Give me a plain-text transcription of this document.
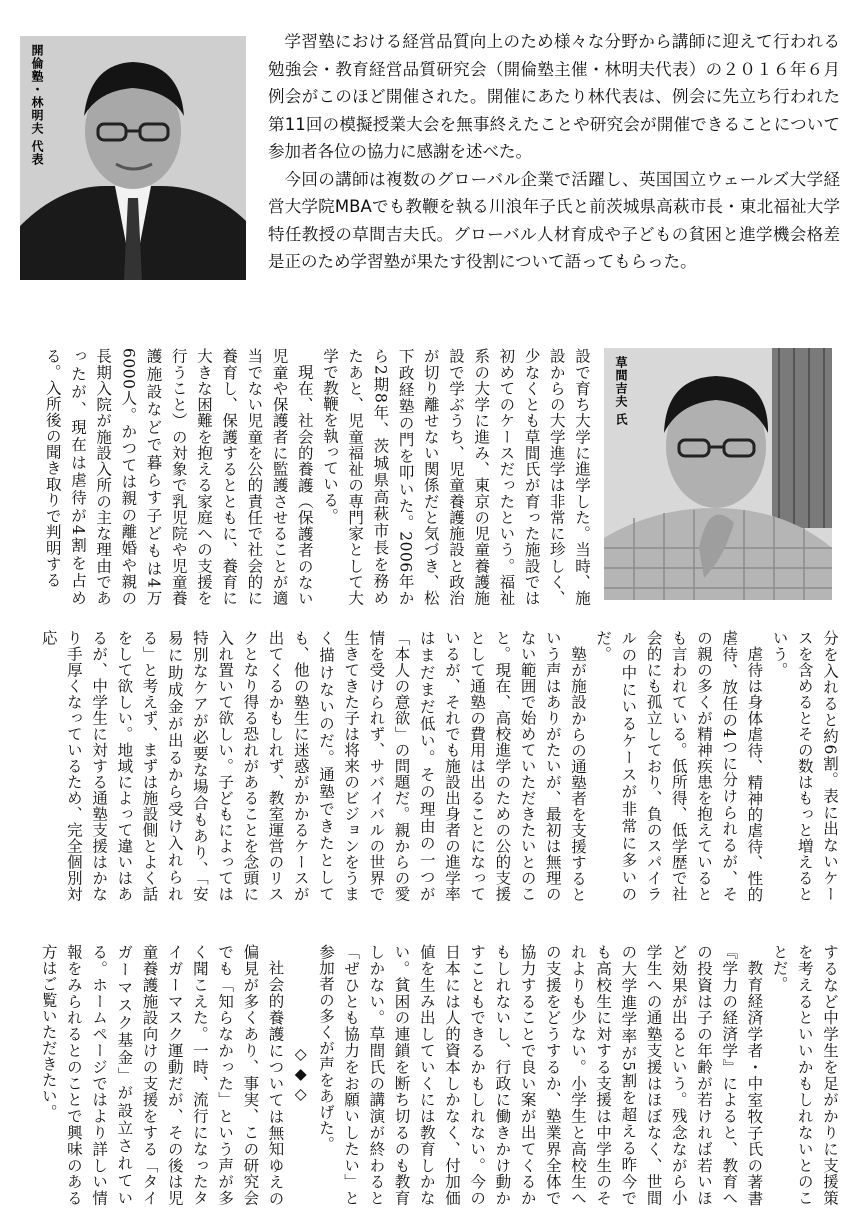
開倫塾・林明夫 代表

学習塾における経営品質向上のため様々な分野から講師に迎えて行われる勉強会・教育経営品質研究会（開倫塾主催・林明夫代表）の２０１６年６月例会がこのほど開催された。開催にあたり林代表は、例会に先立ち行われた第11回の模擬授業大会を無事終えたことや研究会が開催できることについて参加者各位の協力に感謝を述べた。

今回の講師は複数のグローバル企業で活躍し、英国国立ウェールズ大学経営大学院MBAでも教鞭を執る川浪年子氏と前茨城県高萩市長・東北福祉大学特任教授の草間吉夫氏。グローバル人材育成や子どもの貧困と進学機会格差是正のため学習塾が果たす役割について語ってもらった。

草間吉夫 氏

設で育ち大学に進学した。当時、施設からの大学進学は非常に珍しく、少なくとも草間氏が育った施設では初めてのケースだったという。福祉系の大学に進み、東京の児童養護施設で学ぶうち、児童養護施設と政治が切り離せない関係だと気づき、松下政経塾の門を叩いた。2006年から2期8年、茨城県高萩市長を務めたあと、児童福祉の専門家として大学で教鞭を執っている。

現在、社会的養護（保護者のない児童や保護者に監護させることが適当でない児童を公的責任で社会的に養育し、保護するとともに、養育に大きな困難を抱える家庭への支援を行うこと）の対象で乳児院や児童養護施設などで暮らす子どもは4万6000人。かつては親の離婚や親の長期入院が施設入所の主な理由であったが、現在は虐待が4割を占める。入所後の聞き取りで判明する

分を入れると約6割。表に出ないケースを含めるとその数はもっと増えるという。

虐待は身体虐待、精神的虐待、性的虐待、放任の4つに分けられるが、その親の多くが精神疾患を抱えているとも言われている。低所得、低学歴で社会的にも孤立しており、負のスパイラルの中にいるケースが非常に多いのだ。

塾が施設からの通塾者を支援するという声はありがたいが、最初は無理のない範囲で始めていただきたいとのこと。現在、高校進学のための公的支援として通塾の費用は出ることになっているが、それでも施設出身者の進学率はまだまだ低い。その理由の一つが「本人の意欲」の問題だ。親からの愛情を受けられず、サバイバルの世界で生きてきた子は将来のビジョンをうまく描けないのだ。通塾できたとしても、他の塾生に迷惑がかかるケースが出てくるかもしれず、教室運営のリスクとなり得る恐れがあることを念頭に入れ置いて欲しい。子どもによっては特別なケアが必要な場合もあり、「安易に助成金が出るから受け入れられる」と考えず、まずは施設側とよく話をして欲しい。地域によって違いはあるが、中学生に対する通塾支援はかなり手厚くなっているため、完全個別対応

するなど中学生を足がかりに支援策を考えるといいかもしれないとのことだ。

教育経済学者・中室牧子氏の著書『学力の経済学』によると、教育への投資は子の年齢が若ければ若いほど効果が出るという。残念ながら小学生への通塾支援はほぼなく、世間の大学進学率が5割を超える昨今でも高校生に対する支援は中学生のそれよりも少ない。小学生と高校生への支援をどうするか、塾業界全体で協力することで良い案が出てくるかもしれないし、行政に働きかけ動かすこともできるかもしれない。今の日本には人的資本しかなく、付加価値を生み出していくには教育しかない。貧困の連鎖を断ち切るのも教育しかない。草間氏の講演が終わると「ぜひとも協力をお願いしたい」と参加者の多くが声をあげた。

◇◆◇

社会的養護については無知ゆえの偏見が多くあり、事実、この研究会でも「知らなかった」という声が多く聞こえた。一時、流行になったタイガーマスク運動だが、その後は児童養護施設向けの支援をする「タイガーマスク基金」が設立されている。ホームページではより詳しい情報をみられるとのことで興味のある方はご覧いただきたい。
